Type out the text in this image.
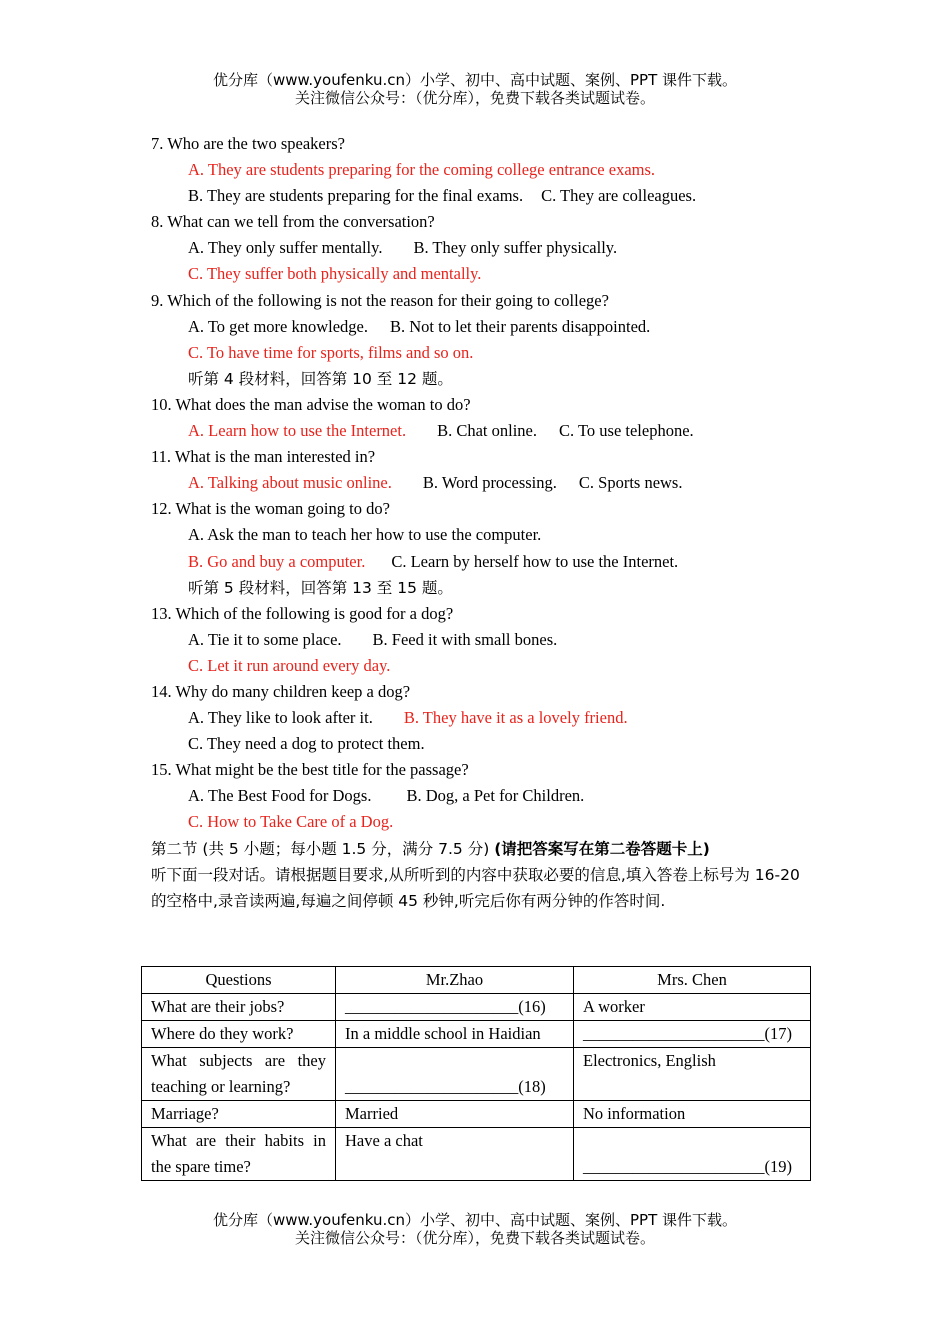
优分库（www.youfenku.cn）小学、初中、高中试题、案例、PPT 课件下载。
关注微信公众号：（优分库），免费下载各类试题试卷。
7. Who are the two speakers?
A. They are students preparing for the coming college entrance exams.
B. They are students preparing for the final exams. C. They are colleagues.
8. What can we tell from the conversation?
A. They only suffer mentally. B. They only suffer physically.
C. They suffer both physically and mentally.
9. Which of the following is not the reason for their going to college?
A. To get more knowledge. B. Not to let their parents disappointed.
C. To have time for sports, films and so on.
听第 4 段材料，回答第 10 至 12 题。
10. What does the man advise the woman to do?
A. Learn how to use the Internet. B. Chat online. C. To use telephone.
11. What is the man interested in?
A. Talking about music online. B. Word processing. C. Sports news.
12. What is the woman going to do?
A. Ask the man to teach her how to use the computer.
B. Go and buy a computer. C. Learn by herself how to use the Internet.
听第 5 段材料，回答第 13 至 15 题。
13. Which of the following is good for a dog?
A. Tie it to some place. B. Feed it with small bones.
C. Let it run around every day.
14. Why do many children keep a dog?
A. They like to look after it. B. They have it as a lovely friend.
C. They need a dog to protect them.
15. What might be the best title for the passage?
A. The Best Food for Dogs. B. Dog, a Pet for Children.
C. How to Take Care of a Dog.
第二节 (共 5 小题；每小题 1.5 分，满分 7.5 分) (请把答案写在第二卷答题卡上)
听下面一段对话。请根据题目要求,从所听到的内容中获取必要的信息,填入答卷上标号为 16-20 的空格中,录音读两遍,每遍之间停顿 45 秒钟,听完后你有两分钟的作答时间.
Questions	Mr.Zhao	Mrs. Chen
What are their jobs?	_____________________(16)	A worker
Where do they work?	In a middle school in Haidian	______________________(17)
What subjects are they teaching or learning?	_____________________(18)	Electronics, English
Marriage?	Married	No information
What are their habits in the spare time?	Have a chat	______________________(19)
优分库（www.youfenku.cn）小学、初中、高中试题、案例、PPT 课件下载。
关注微信公众号：（优分库），免费下载各类试题试卷。
